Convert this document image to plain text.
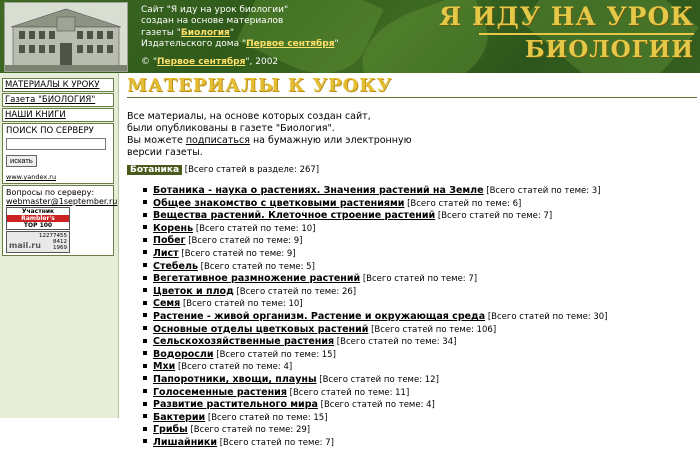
Сайт "Я иду на урок биологии"
создан на основе материалов
газеты "Биология"
Издательского дома "Первое сентября"
© "Первое сентября", 2002
Я ИДУ НА УРОК
БИОЛОГИИ
МАТЕРИАЛЫ К УРОКУ
Газета "БИОЛОГИЯ"
НАШИ КНИГИ
ПОИСК ПО СЕРВЕРУ
искать
www.yandex.ru
Вопросы по серверу:
webmaster@1september.ru
Участник
Rambler's
TOP 100
12277455
8412
1969
mail.ru
МАТЕРИАЛЫ К УРОКУ
Все материалы, на основе которых создан сайт,
были опубликованы в газете "Биология".
Вы можете подписаться на бумажную или электронную
версии газеты.
Ботаника [Всего статей в разделе: 267]
Ботаника - наука о растениях. Значения растений на Земле [Всего статей по теме: 3]
Общее знакомство с цветковыми растениями [Всего статей по теме: 6]
Вещества растений. Клеточное строение растений [Всего статей по теме: 7]
Корень [Всего статей по теме: 10]
Побег [Всего статей по теме: 9]
Лист [Всего статей по теме: 9]
Стебель [Всего статей по теме: 5]
Вегетативное размножение растений [Всего статей по теме: 7]
Цветок и плод [Всего статей по теме: 26]
Семя [Всего статей по теме: 10]
Растение - живой организм. Растение и окружающая среда [Всего статей по теме: 30]
Основные отделы цветковых растений [Всего статей по теме: 106]
Сельскохозяйственные растения [Всего статей по теме: 34]
Водоросли [Всего статей по теме: 15]
Мхи [Всего статей по теме: 4]
Папоротники, хвощи, плауны [Всего статей по теме: 12]
Голосеменные растения [Всего статей по теме: 11]
Развитие растительного мира [Всего статей по теме: 4]
Бактерии [Всего статей по теме: 15]
Грибы [Всего статей по теме: 29]
Лишайники [Всего статей по теме: 7]
